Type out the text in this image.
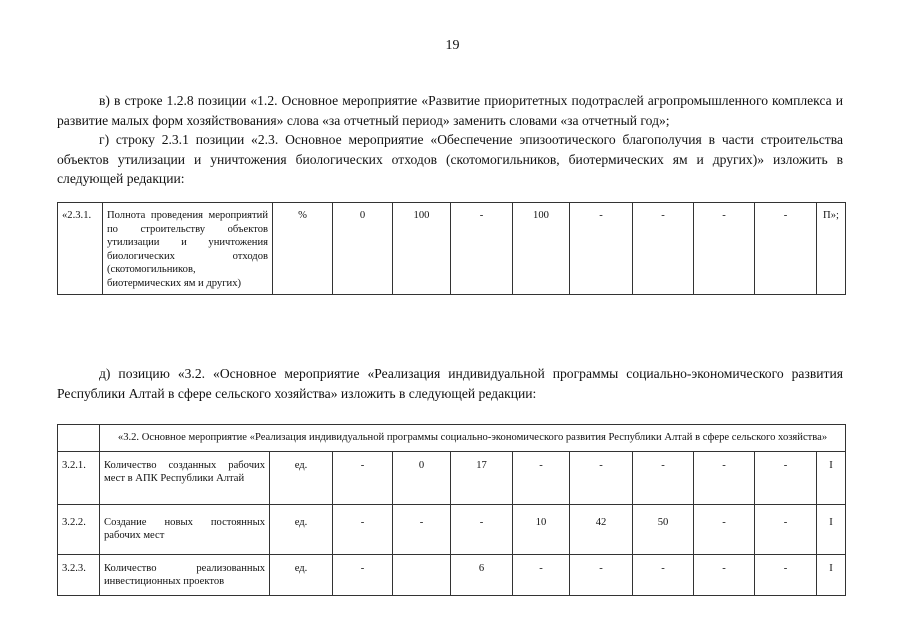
19
в) в строке 1.2.8 позиции «1.2. Основное мероприятие «Развитие приоритетных подотраслей агропромышленного комплекса и развитие малых форм хозяйствования» слова «за отчетный период» заменить словами «за отчетный год»;
г) строку 2.3.1 позиции «2.3. Основное мероприятие «Обеспечение эпизоотического благополучия в части строительства объектов утилизации и уничтожения биологических отходов (скотомогильников, биотермических ям и других)» изложить в следующей редакции:
«2.3.1.	Полнота проведения мероприятий по строительству объектов утилизации и уничтожения биологических отходов (скотомогильников, биотермических ям и других)	%	0	100	-	100	-	-	-	-	П»;
д) позицию «3.2. «Основное мероприятие «Реализация индивидуальной программы социально-экономического развития Республики Алтай в сфере сельского хозяйства» изложить в следующей редакции:
	«3.2. Основное мероприятие «Реализация индивидуальной программы социально-экономического развития Республики Алтай в сфере сельского хозяйства»										
3.2.1.	Количество созданных рабочих мест в АПК Республики Алтай	ед.	-	0	17	-	-	-	-	-	I
3.2.2.	Создание новых постоянных рабочих мест	ед.	-	-	-	10	42	50	-	-	I
3.2.3.	Количество реализованных инвестиционных проектов	ед.	-		6	-	-	-	-	-	I
